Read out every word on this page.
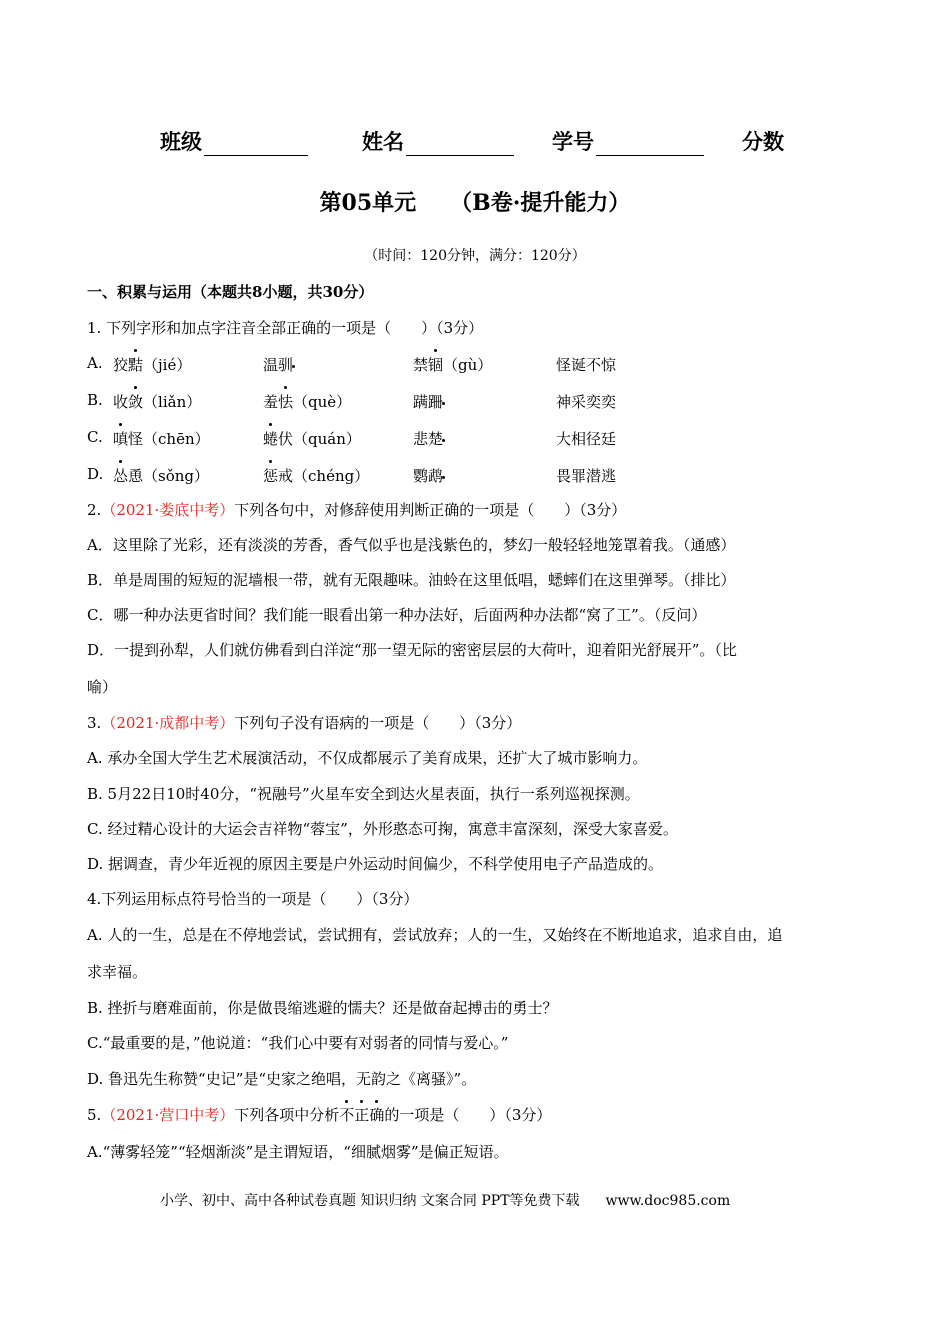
班级	姓名	学号	分数
第05单元 （B卷·提升能力）
（时间：120分钟，满分：120分）
一、积累与运用（本题共8小题，共30分）
1. 下列字形和加点字注音全部正确的一项是（　　）（3分）
A. 狡黠（jié）	温驯	禁锢（gù）	怪诞不惊
B. 收敛（liǎn）	羞怯（què）	蹒跚	神采奕奕
C. 嗔怪（chēn）	蜷伏（quán）	悲楚	大相径廷
D. 怂恿（sǒng）	惩戒（chéng）	鹦鹉	畏罪潜逃
2.（2021·娄底中考）下列各句中，对修辞使用判断正确的一项是（　　）（3分）
A．这里除了光彩，还有淡淡的芳香，香气似乎也是浅紫色的，梦幻一般轻轻地笼罩着我。（通感）
B．单是周围的短短的泥墙根一带，就有无限趣味。油蛉在这里低唱，蟋蟀们在这里弹琴。（排比）
C．哪一种办法更省时间？我们能一眼看出第一种办法好，后面两种办法都“窝了工”。（反问）
D．一提到孙犁，人们就仿佛看到白洋淀“那一望无际的密密层层的大荷叶，迎着阳光舒展开”。（比
喻）
3.（2021·成都中考）下列句子没有语病的一项是（　　）（3分）
A. 承办全国大学生艺术展演活动，不仅成都展示了美育成果，还扩大了城市影响力。
B. 5月22日10时40分，“祝融号”火星车安全到达火星表面，执行一系列巡视探测。
C. 经过精心设计的大运会吉祥物“蓉宝”，外形憨态可掬，寓意丰富深刻，深受大家喜爱。
D. 据调查，青少年近视的原因主要是户外运动时间偏少，不科学使用电子产品造成的。
4.下列运用标点符号恰当的一项是（　　）（3分）
A. 人的一生，总是在不停地尝试，尝试拥有，尝试放弃；人的一生，又始终在不断地追求，追求自由，追
求幸福。
B. 挫折与磨难面前，你是做畏缩逃避的懦夫？还是做奋起搏击的勇士？
C.“最重要的是，”他说道：“我们心中要有对弱者的同情与爱心。”
D. 鲁迅先生称赞“史记”是“史家之绝唱，无韵之《离骚》”。
5.（2021·营口中考）下列各项中分析不正确的一项是（　　）（3分）
A.“薄雾轻笼”“轻烟渐淡”是主谓短语，“细腻烟雾”是偏正短语。
小学、初中、高中各种试卷真题 知识归纳 文案合同 PPT等免费下载 www.doc985.com
